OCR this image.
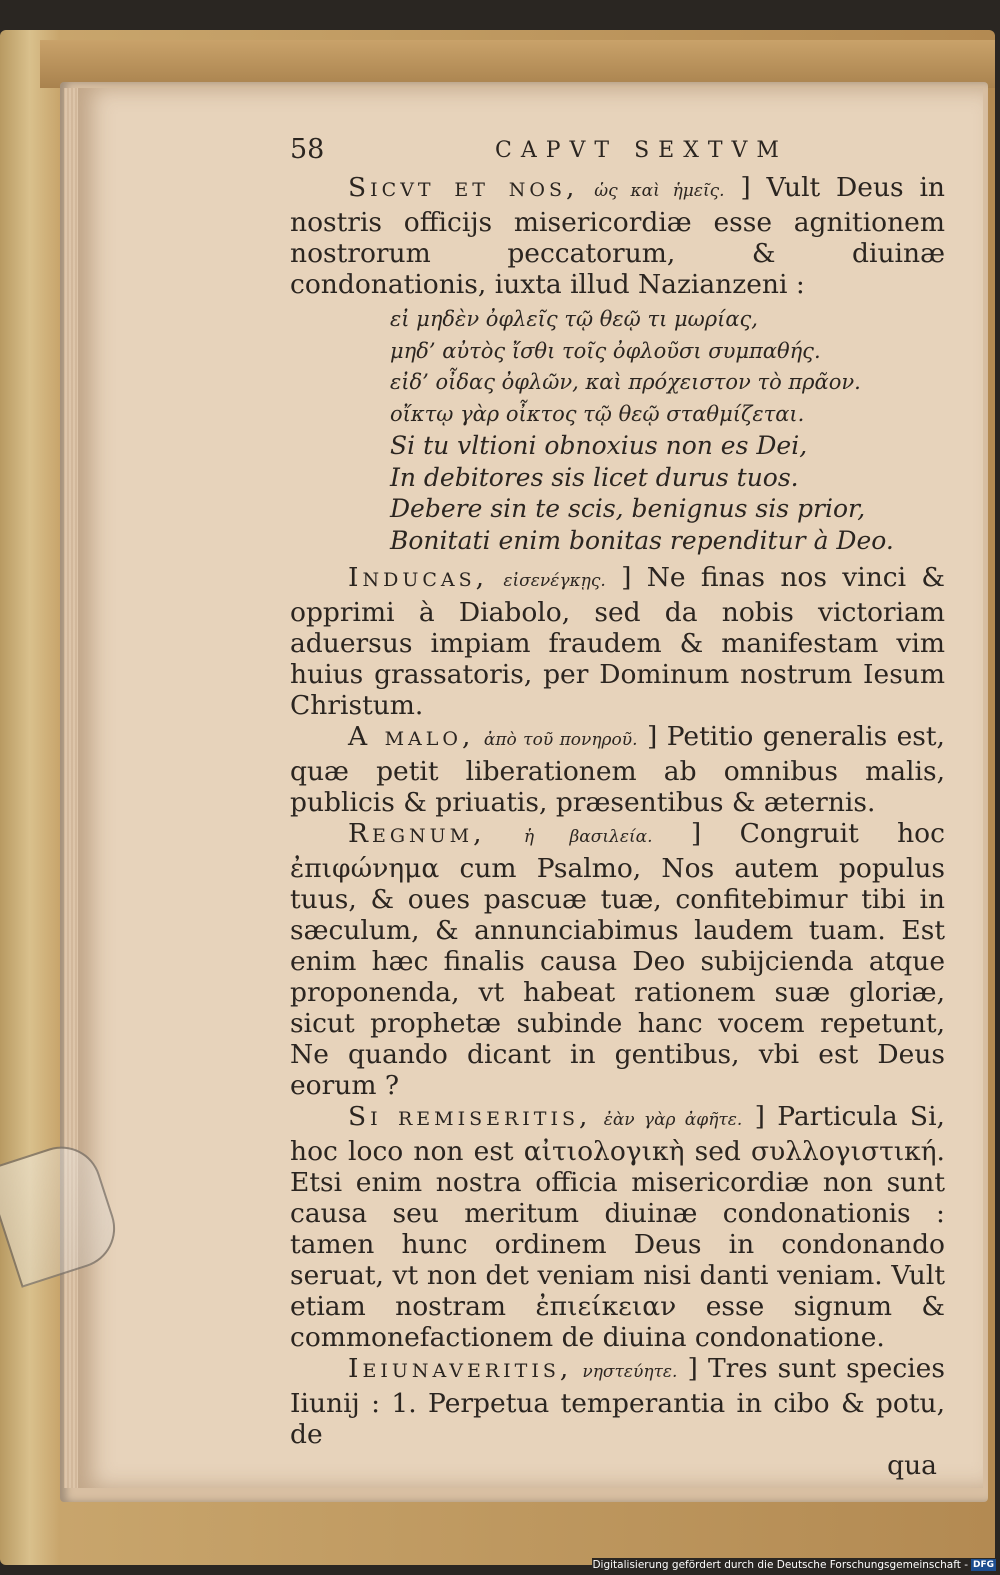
58	CAPVT SEXTVM

Sicvt et nos, ὡς καὶ ἡμεῖς. ] Vult Deus in nostris officijs misericordiæ esse agnitionem nostrorum peccatorum, & diuinæ condonationis, iuxta illud Nazianzeni :

εἰ μηδὲν ὀφλεῖς τῷ θεῷ τι μωρίας,
μηδ’ αὐτὸς ἴσθι τοῖς ὀφλοῦσι συμπαθής.
εἰδ’ οἶδας ὀφλῶν, καὶ πρόχειστον τὸ πρᾶον.
οἴκτῳ γὰρ οἶκτος τῷ θεῷ σταθμίζεται.
Si tu vltioni obnoxius non es Dei,
In debitores sis licet durus tuos.
Debere sin te scis, benignus sis prior,
Bonitati enim bonitas rependitur à Deo.

Inducas, εἰσενέγκῃς. ] Ne finas nos vinci & opprimi à Diabolo, sed da nobis victoriam aduersus impiam fraudem & manifestam vim huius grassatoris, per Dominum nostrum Iesum Christum.

A malo, ἀπὸ τοῦ πονηροῦ. ] Petitio generalis est, quæ petit liberationem ab omnibus malis, publicis & priuatis, præsentibus & æternis.

Regnum, ἡ βασιλεία. ] Congruit hoc ἐπιφώνημα cum Psalmo, Nos autem populus tuus, & oues pascuæ tuæ, confitebimur tibi in sæculum, & annunciabimus laudem tuam. Est enim hæc finalis causa Deo subijcienda atque proponenda, vt habeat rationem suæ gloriæ, sicut prophetæ subinde hanc vocem repetunt, Ne quando dicant in gentibus, vbi est Deus eorum ?

Si remiseritis, ἐὰν γὰρ ἀφῆτε. ] Particula Si, hoc loco non est αἰτιολογικὴ sed συλλογιστική. Etsi enim nostra officia misericordiæ non sunt causa seu meritum diuinæ condonationis : tamen hunc ordinem Deus in condonando seruat, vt non det veniam nisi danti veniam. Vult etiam nostram ἐπιείκειαν esse signum & commonefactionem de diuina condonatione.

Ieiunaveritis, νηστεύητε. ] Tres sunt species Iiunij : 1. Perpetua temperantia in cibo & potu, de

qua
Digitalisierung gefördert durch die Deutsche Forschungsgemeinschaft - DFG
